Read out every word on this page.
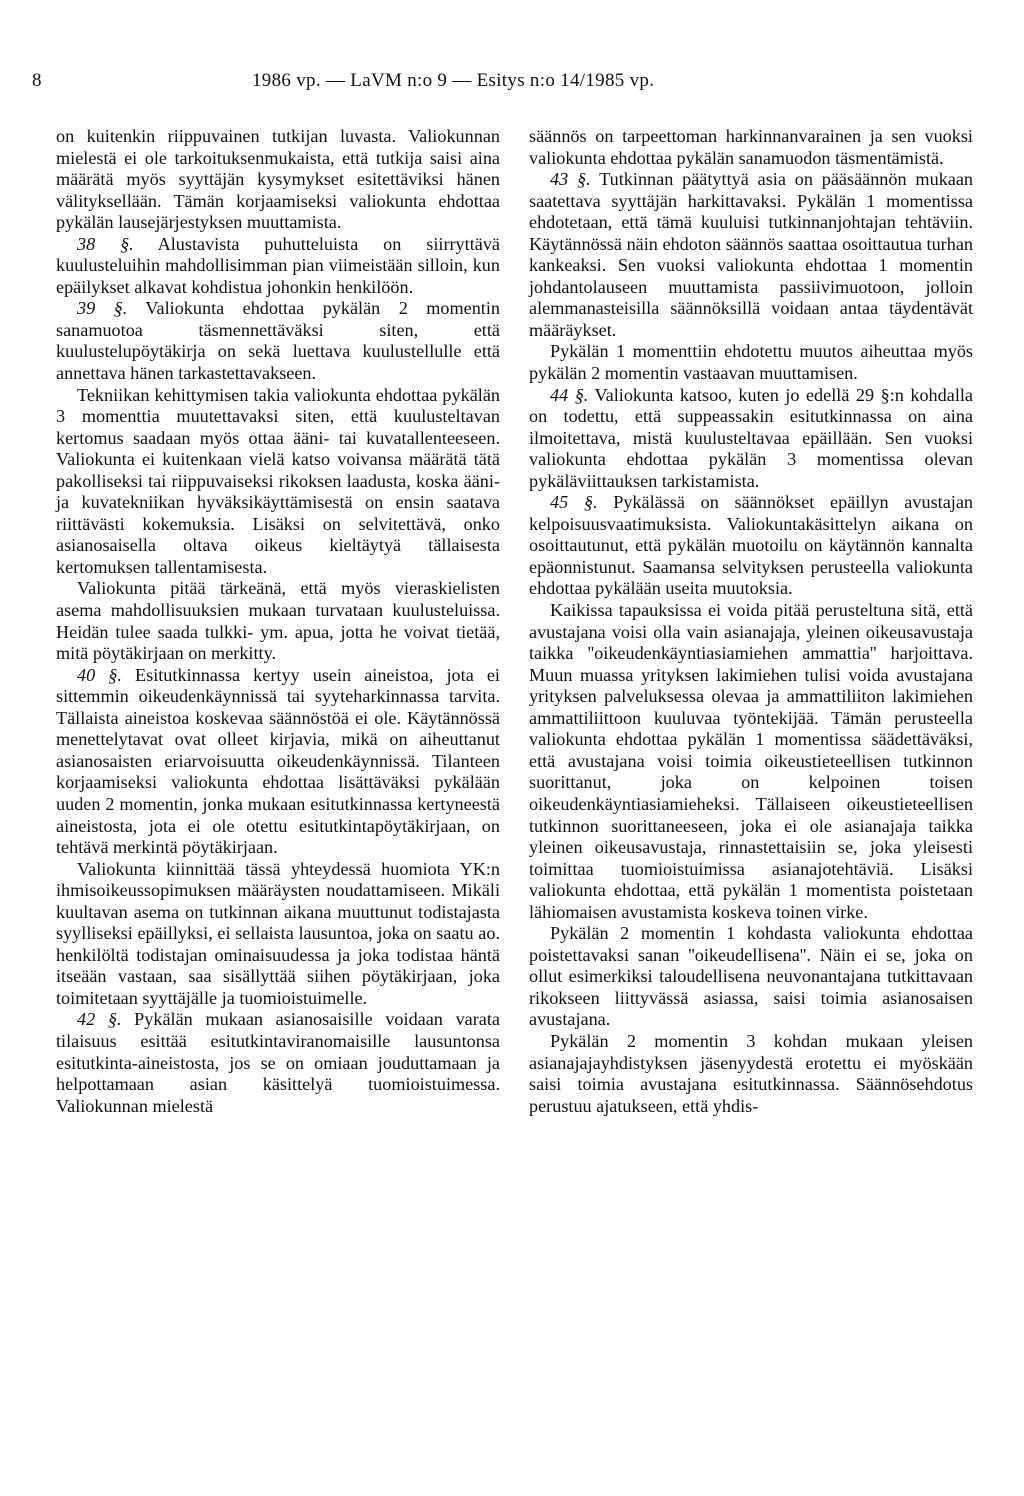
8	1986 vp. — LaVM n:o 9 — Esitys n:o 14/1985 vp.

on kuitenkin riippuvainen tutkijan luvasta. Valiokunnan mielestä ei ole tarkoituksenmukaista, että tutkija saisi aina määrätä myös syyttäjän kysymykset esitettäviksi hänen välityksellään. Tämän korjaamiseksi valiokunta ehdottaa pykälän lausejärjestyksen muuttamista.

38 §. Alustavista puhutteluista on siirryttävä kuulusteluihin mahdollisimman pian viimeistään silloin, kun epäilykset alkavat kohdistua johonkin henkilöön.

39 §. Valiokunta ehdottaa pykälän 2 momentin sanamuotoa täsmennettäväksi siten, että kuulustelupöytäkirja on sekä luettava kuulustellulle että annettava hänen tarkastettavakseen.

Tekniikan kehittymisen takia valiokunta ehdottaa pykälän 3 momenttia muutettavaksi siten, että kuulusteltavan kertomus saadaan myös ottaa ääni- tai kuvatallenteeseen. Valiokunta ei kuitenkaan vielä katso voivansa määrätä tätä pakolliseksi tai riippuvaiseksi rikoksen laadusta, koska ääni- ja kuvatekniikan hyväksikäyttämisestä on ensin saatava riittävästi kokemuksia. Lisäksi on selvitettävä, onko asianosaisella oltava oikeus kieltäytyä tällaisesta kertomuksen tallentamisesta.

Valiokunta pitää tärkeänä, että myös vieraskielisten asema mahdollisuuksien mukaan turvataan kuulusteluissa. Heidän tulee saada tulkki- ym. apua, jotta he voivat tietää, mitä pöytäkirjaan on merkitty.

40 §. Esitutkinnassa kertyy usein aineistoa, jota ei sittemmin oikeudenkäynnissä tai syyteharkinnassa tarvita. Tällaista aineistoa koskevaa säännöstöä ei ole. Käytännössä menettelytavat ovat olleet kirjavia, mikä on aiheuttanut asianosaisten eriarvoisuutta oikeudenkäynnissä. Tilanteen korjaamiseksi valiokunta ehdottaa lisättäväksi pykälään uuden 2 momentin, jonka mukaan esitutkinnassa kertyneestä aineistosta, jota ei ole otettu esitutkintapöytäkirjaan, on tehtävä merkintä pöytäkirjaan.

Valiokunta kiinnittää tässä yhteydessä huomiota YK:n ihmisoikeussopimuksen määräysten noudattamiseen. Mikäli kuultavan asema on tutkinnan aikana muuttunut todistajasta syylliseksi epäillyksi, ei sellaista lausuntoa, joka on saatu ao. henkilöltä todistajan ominaisuudessa ja joka todistaa häntä itseään vastaan, saa sisällyttää siihen pöytäkirjaan, joka toimitetaan syyttäjälle ja tuomioistuimelle.

42 §. Pykälän mukaan asianosaisille voidaan varata tilaisuus esittää esitutkintaviranomaisille lausuntonsa esitutkinta-aineistosta, jos se on omiaan jouduttamaan ja helpottamaan asian käsittelyä tuomioistuimessa. Valiokunnan mielestä

säännös on tarpeettoman harkinnanvarainen ja sen vuoksi valiokunta ehdottaa pykälän sanamuodon täsmentämistä.

43 §. Tutkinnan päätyttyä asia on pääsäännön mukaan saatettava syyttäjän harkittavaksi. Pykälän 1 momentissa ehdotetaan, että tämä kuuluisi tutkinnanjohtajan tehtäviin. Käytännössä näin ehdoton säännös saattaa osoittautua turhan kankeaksi. Sen vuoksi valiokunta ehdottaa 1 momentin johdantolauseen muuttamista passiivimuotoon, jolloin alemmanasteisilla säännöksillä voidaan antaa täydentävät määräykset.

Pykälän 1 momenttiin ehdotettu muutos aiheuttaa myös pykälän 2 momentin vastaavan muuttamisen.

44 §. Valiokunta katsoo, kuten jo edellä 29 §:n kohdalla on todettu, että suppeassakin esitutkinnassa on aina ilmoitettava, mistä kuulusteltavaa epäillään. Sen vuoksi valiokunta ehdottaa pykälän 3 momentissa olevan pykäläviittauksen tarkistamista.

45 §. Pykälässä on säännökset epäillyn avustajan kelpoisuusvaatimuksista. Valiokuntakäsittelyn aikana on osoittautunut, että pykälän muotoilu on käytännön kannalta epäonnistunut. Saamansa selvityksen perusteella valiokunta ehdottaa pykälään useita muutoksia.

Kaikissa tapauksissa ei voida pitää perusteltuna sitä, että avustajana voisi olla vain asianajaja, yleinen oikeusavustaja taikka ''oikeudenkäyntiasiamiehen ammattia'' harjoittava. Muun muassa yrityksen lakimiehen tulisi voida avustajana yrityksen palveluksessa olevaa ja ammattiliiton lakimiehen ammattiliittoon kuuluvaa työntekijää. Tämän perusteella valiokunta ehdottaa pykälän 1 momentissa säädettäväksi, että avustajana voisi toimia oikeustieteellisen tutkinnon suorittanut, joka on kelpoinen toisen oikeudenkäyntiasiamieheksi. Tällaiseen oikeustieteellisen tutkinnon suorittaneeseen, joka ei ole asianajaja taikka yleinen oikeusavustaja, rinnastettaisiin se, joka yleisesti toimittaa tuomioistuimissa asianajotehtäviä. Lisäksi valiokunta ehdottaa, että pykälän 1 momentista poistetaan lähiomaisen avustamista koskeva toinen virke.

Pykälän 2 momentin 1 kohdasta valiokunta ehdottaa poistettavaksi sanan ''oikeudellisena''. Näin ei se, joka on ollut esimerkiksi taloudellisena neuvonantajana tutkittavaan rikokseen liittyvässä asiassa, saisi toimia asianosaisen avustajana.

Pykälän 2 momentin 3 kohdan mukaan yleisen asianajajayhdistyksen jäsenyydestä erotettu ei myöskään saisi toimia avustajana esitutkinnassa. Säännösehdotus perustuu ajatukseen, että yhdis-
